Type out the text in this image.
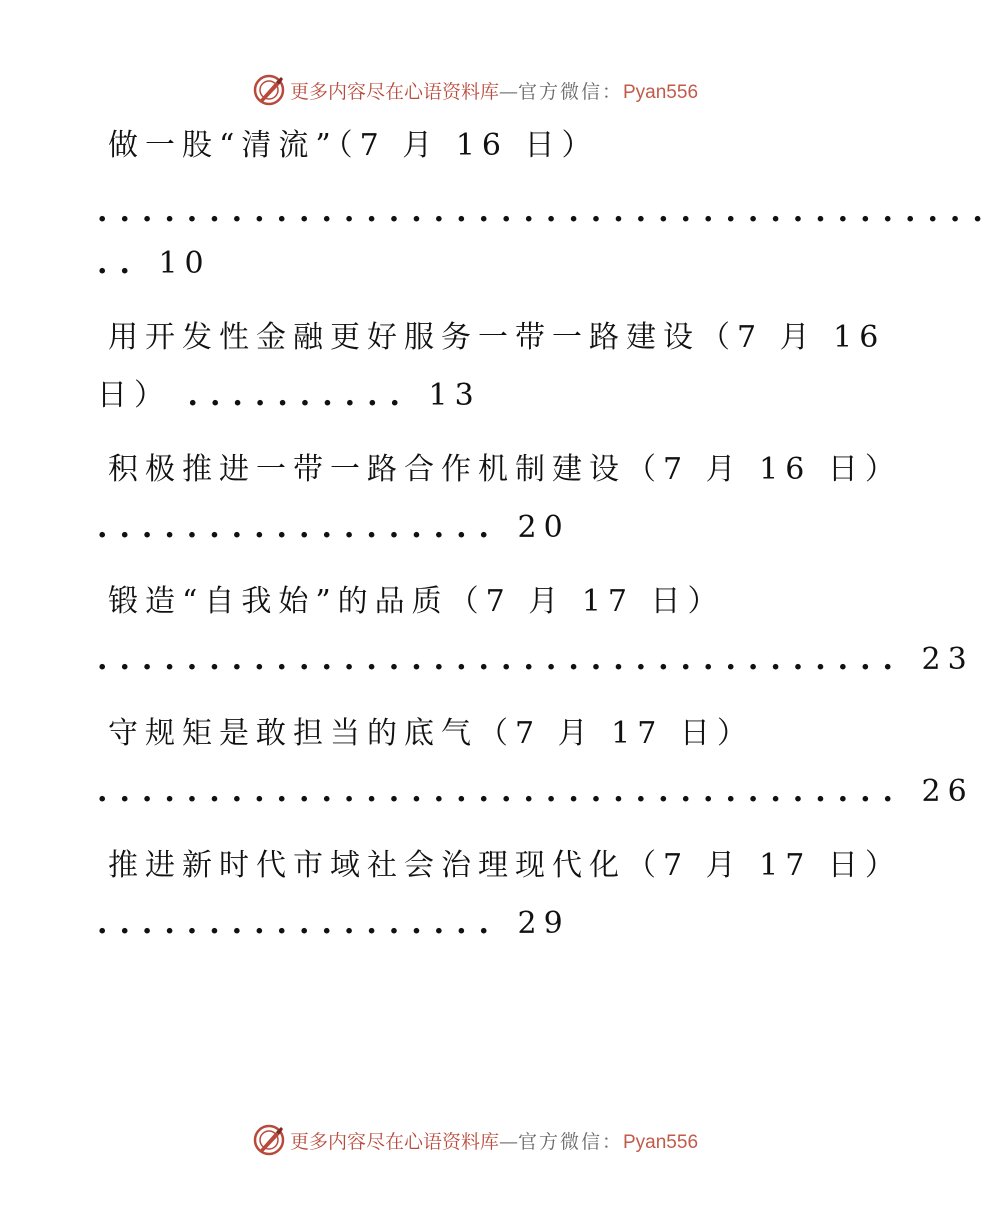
更多内容尽在心语资料库—官方微信：Pyan556
做一股“清流”（7 月 16 日）
........................................
.. 10
用开发性金融更好服务一带一路建设（7 月 16
日） .......... 13
积极推进一带一路合作机制建设（7 月 16 日）
.................. 20
锻造“自我始”的品质（7 月 17 日）
.................................... 23
守规矩是敢担当的底气（7 月 17 日）
.................................... 26
推进新时代市域社会治理现代化（7 月 17 日）
.................. 29
更多内容尽在心语资料库—官方微信：Pyan556
